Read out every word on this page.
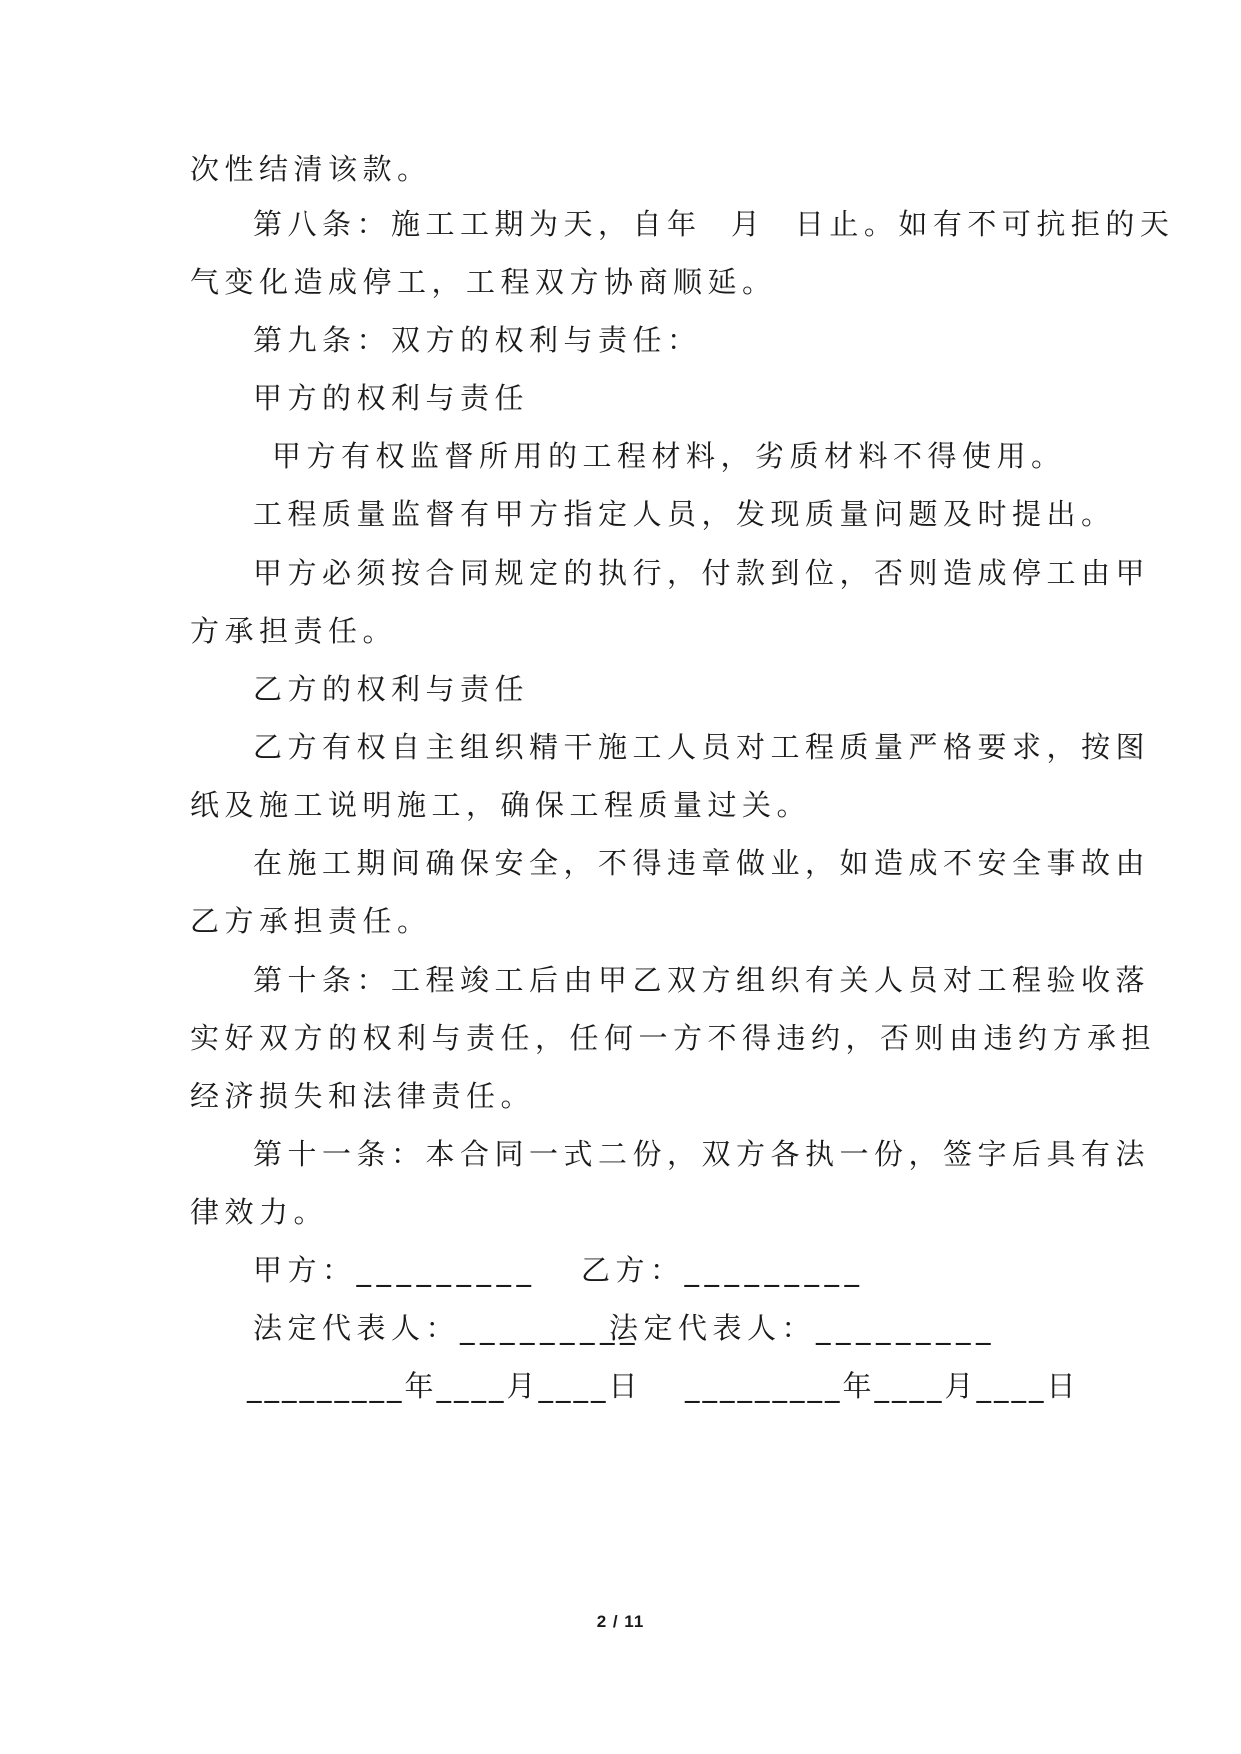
次性结清该款。
第八条：施工工期为天，自年  月  日止。如有不可抗拒的天
气变化造成停工，工程双方协商顺延。
第九条：双方的权利与责任：
甲方的权利与责任
甲方有权监督所用的工程材料，劣质材料不得使用。
工程质量监督有甲方指定人员，发现质量问题及时提出。
甲方必须按合同规定的执行，付款到位，否则造成停工由甲
方承担责任。
乙方的权利与责任
乙方有权自主组织精干施工人员对工程质量严格要求，按图
纸及施工说明施工，确保工程质量过关。
在施工期间确保安全，不得违章做业，如造成不安全事故由
乙方承担责任。
第十条：工程竣工后由甲乙双方组织有关人员对工程验收落
实好双方的权利与责任，任何一方不得违约，否则由违约方承担
经济损失和法律责任。
第十一条：本合同一式二份，双方各执一份，签字后具有法
律效力。
甲方：_________ 乙方：_________
法定代表人：_________
法定代表人：_________
_________年____月____日 _________年____月____日
2 / 11
